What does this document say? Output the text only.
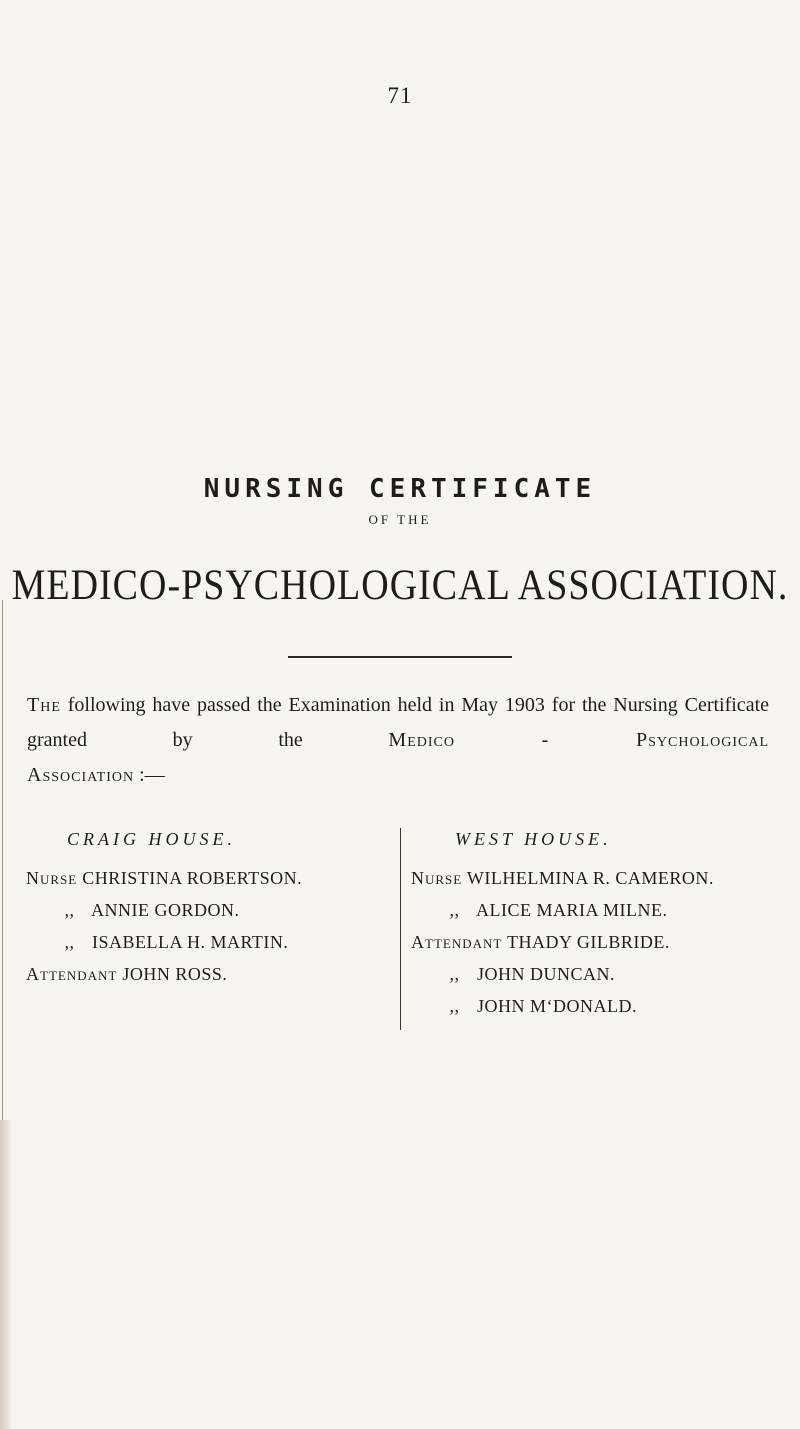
71
NURSING CERTIFICATE
OF THE
MEDICO-PSYCHOLOGICAL ASSOCIATION.
The following have passed the Examination held in May 1903 for the Nursing Certificate granted by the	Medico - Psychological
Association :—
CRAIG HOUSE.	WEST HOUSE.
Nurse CHRISTINA ROBERTSON.
,, ANNIE GORDON.
,, ISABELLA H. MARTIN.
Attendant JOHN ROSS.
Nurse WILHELMINA R. CAMERON.
,, ALICE MARIA MILNE.
Attendant THADY GILBRIDE.
,, JOHN DUNCAN.
,, JOHN M‘DONALD.
